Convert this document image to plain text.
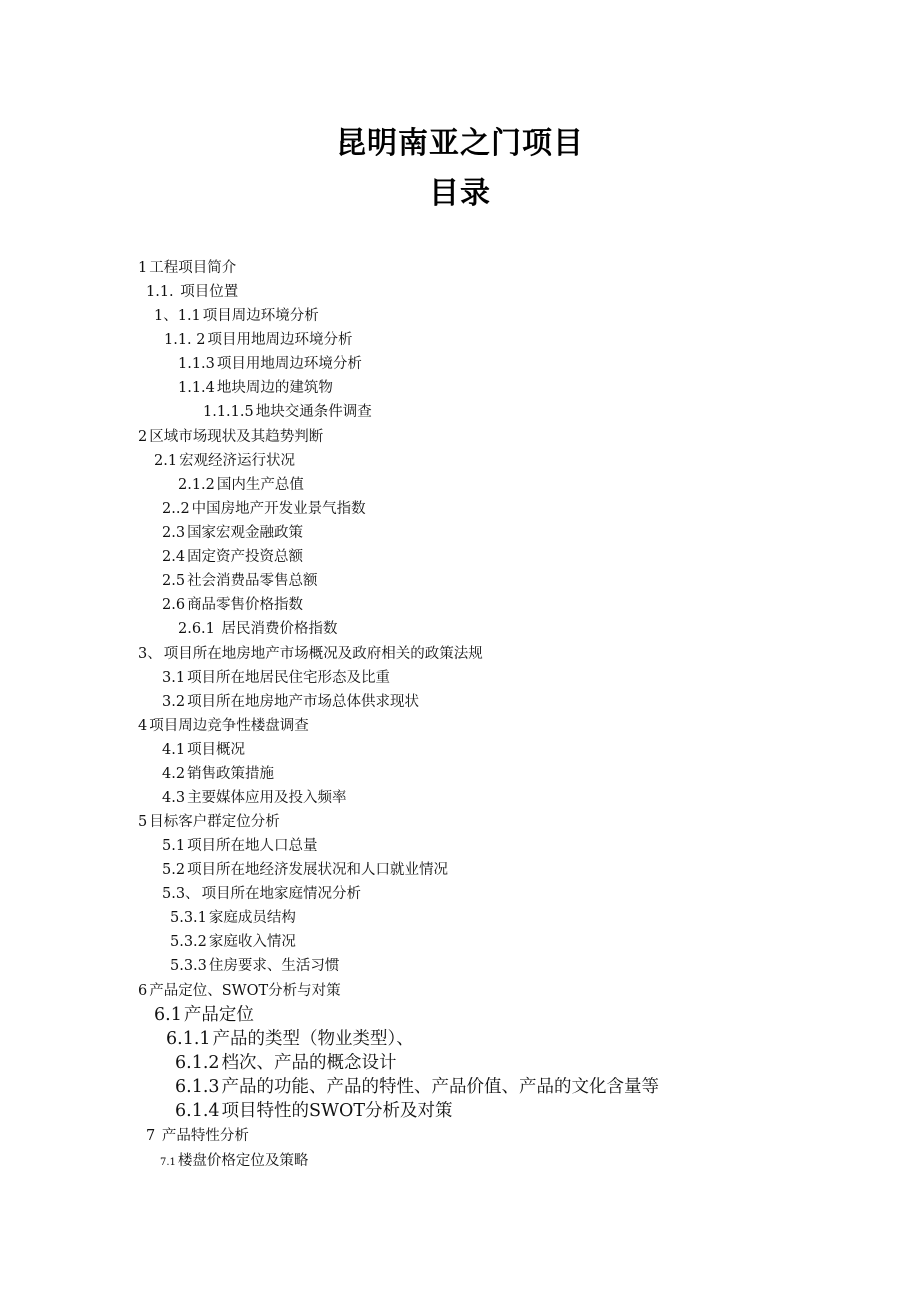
昆明南亚之门项目
目录
1 工程项目简介
1.1. 项目位置
1、1.1 项目周边环境分析
1.1. 2 项目用地周边环境分析
1.1.3 项目用地周边环境分析
1.1.4 地块周边的建筑物
1.1.1.5 地块交通条件调查
2 区域市场现状及其趋势判断
2.1 宏观经济运行状况
2.1.2 国内生产总值
2..2 中国房地产开发业景气指数
2.3 国家宏观金融政策
2.4 固定资产投资总额
2.5 社会消费品零售总额
2.6 商品零售价格指数
2.6.1 居民消费价格指数
3、 项目所在地房地产市场概况及政府相关的政策法规
3.1 项目所在地居民住宅形态及比重
3.2 项目所在地房地产市场总体供求现状
4 项目周边竞争性楼盘调查
4.1 项目概况
4.2 销售政策措施
4.3 主要媒体应用及投入频率
5 目标客户群定位分析
5.1 项目所在地人口总量
5.2 项目所在地经济发展状况和人口就业情况
5.3、 项目所在地家庭情况分析
5.3.1 家庭成员结构
5.3.2 家庭收入情况
5.3.3 住房要求、生活习惯
6 产品定位、SWOT分析与对策
6.1 产品定位
6.1.1 产品的类型（物业类型）、
6.1.2 档次、产品的概念设计
6.1.3 产品的功能、产品的特性、产品价值、产品的文化含量等
6.1.4 项目特性的SWOT分析及对策
7 产品特性分析
7.1 楼盘价格定位及策略
